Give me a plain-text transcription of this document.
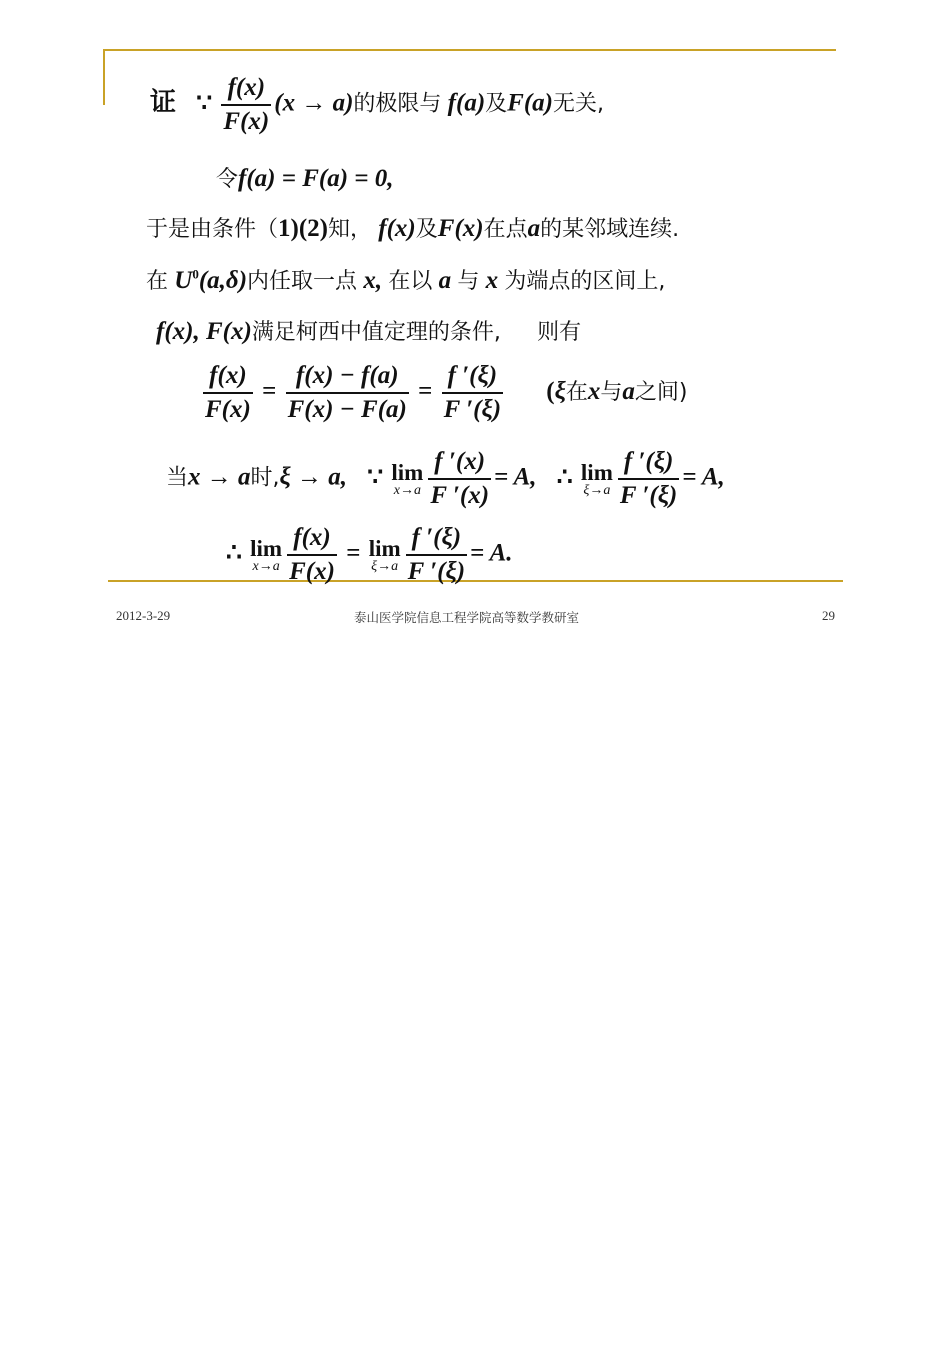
证 ∵ $\frac{f(x)}{F(x)} (x \to a)$的极限与 f(a)及F(a)无关,
令f(a) = F(a) = 0,
于是由条件（1)(2)知， f(x)及F(x)在点a的某邻域连续.
在 $U^0(a,\delta)$内任取一点 x, 在以 a 与 x 为端点的区间上,
f(x), F(x)满足柯西中值定理的条件, 则有
$\frac{f(x)}{F(x)} = \frac{f(x) - f(a)}{F(x) - F(a)} = \frac{f '(\xi)}{F '(\xi)} (\xi$在x与a之间)
当x → a时,ξ → a, ∵ lim
$x\to a \frac{f '(x)}{F '(x)} = A$, ∴ lim
$\xi\to a \frac{f '(\xi)}{F '(\xi)} = A$,
∴ lim
$x\to a \frac{f(x)}{F(x)} = \lim$
$\xi\to a \frac{f '(\xi)}{F '(\xi)} = A$.
2012-3-29	泰山医学院信息工程学院高等数学教研室	29
